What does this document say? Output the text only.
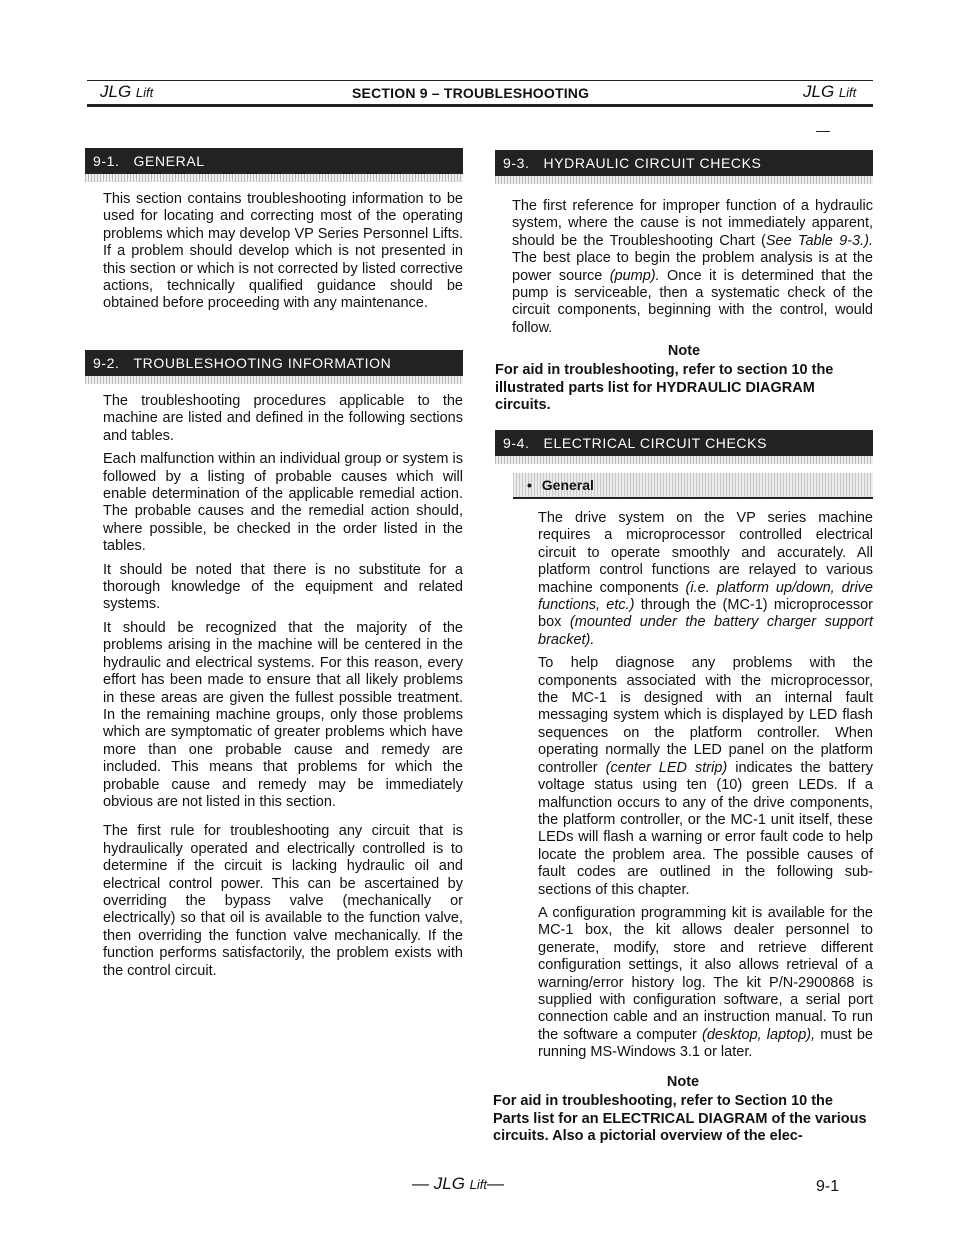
JLG Lift	SECTION 9 – TROUBLESHOOTING	JLG Lift
9-1. GENERAL

This section contains troubleshooting information to be used for locating and correcting most of the operating problems which may develop VP Series Personnel Lifts. If a problem should develop which is not presented in this section or which is not corrected by listed corrective actions, technically qualified guidance should be obtained before proceeding with any maintenance.

9-2. TROUBLESHOOTING INFORMATION

The troubleshooting procedures applicable to the machine are listed and defined in the following sections and tables.

Each malfunction within an individual group or system is followed by a listing of probable causes which will enable determination of the applicable remedial action. The probable causes and the remedial action should, where possible, be checked in the order listed in the tables.

It should be noted that there is no substitute for a thorough knowledge of the equipment and related systems.

It should be recognized that the majority of the problems arising in the machine will be centered in the hydraulic and electrical systems. For this reason, every effort has been made to ensure that all likely problems in these areas are given the fullest possible treatment. In the remaining machine groups, only those problems which are symptomatic of greater problems which have more than one probable cause and remedy are included. This means that problems for which the probable cause and remedy may be immediately obvious are not listed in this section.

The first rule for troubleshooting any circuit that is hydraulically operated and electrically controlled is to determine if the circuit is lacking hydraulic oil and electrical control power. This can be ascertained by overriding the bypass valve (mechanically or electrically) so that oil is available to the function valve, then overriding the function valve mechanically. If the function performs satisfactorily, the problem exists with the control circuit.

9-3. HYDRAULIC CIRCUIT CHECKS

The first reference for improper function of a hydraulic system, where the cause is not immediately apparent, should be the Troubleshooting Chart (See Table 9-3.). The best place to begin the problem analysis is at the power source (pump). Once it is determined that the pump is serviceable, then a systematic check of the circuit components, beginning with the control, would follow.

Note
For aid in troubleshooting, refer to section 10 the illustrated parts list for HYDRAULIC DIAGRAM circuits.
9-4. ELECTRICAL CIRCUIT CHECKS
• General

The drive system on the VP series machine requires a microprocessor controlled electrical circuit to operate smoothly and accurately. All platform control functions are relayed to various machine components (i.e. platform up/down, drive functions, etc.) through the (MC-1) microprocessor box (mounted under the battery charger support bracket).

To help diagnose any problems with the components associated with the microprocessor, the MC-1 is designed with an internal fault messaging system which is displayed by LED flash sequences on the platform controller. When operating normally the LED panel on the platform controller (center LED strip) indicates the battery voltage status using ten (10) green LEDs. If a malfunction occurs to any of the drive components, the platform controller, or the MC-1 unit itself, these LEDs will flash a warning or error fault code to help locate the problem area. The possible causes of fault codes are outlined in the following sub-sections of this chapter.

A configuration programming kit is available for the MC-1 box, the kit allows dealer personnel to generate, modify, store and retrieve different configuration settings, it also allows retrieval of a warning/error history log. The kit P/N-2900868 is supplied with configuration software, a serial port connection cable and an instruction manual. To run the software a computer (desktop, laptop), must be running MS-Windows 3.1 or later.

Note
For aid in troubleshooting, refer to Section 10 the Parts list for an ELECTRICAL DIAGRAM of the various circuits. Also a pictorial overview of the elec-
— JLG Lift—	9-1
